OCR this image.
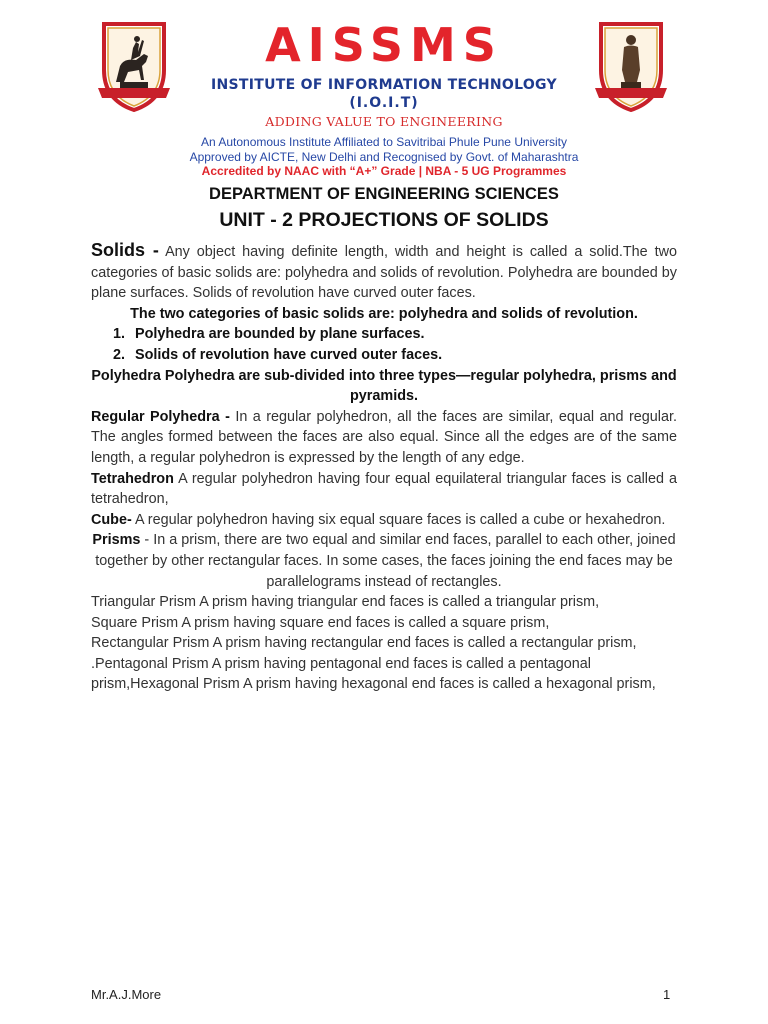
AISSMS
INSTITUTE OF INFORMATION TECHNOLOGY
(I.O.I.T)
ADDING VALUE TO ENGINEERING
An Autonomous Institute Affiliated to Savitribai Phule Pune University
Approved by AICTE, New Delhi and Recognised by Govt. of Maharashtra
Accredited by NAAC with “A+” Grade | NBA - 5 UG Programmes
DEPARTMENT OF ENGINEERING SCIENCES
UNIT - 2 PROJECTIONS OF SOLIDS

Solids - Any object having definite length, width and height is called a solid.The two categories of basic solids are: polyhedra and solids of revolution. Polyhedra are bounded by plane surfaces. Solids of revolution have curved outer faces.

The two categories of basic solids are: polyhedra and solids of revolution.

1. Polyhedra are bounded by plane surfaces.
2. Solids of revolution have curved outer faces.

Polyhedra Polyhedra are sub-divided into three types—regular polyhedra, prisms and pyramids.

Regular Polyhedra - In a regular polyhedron, all the faces are similar, equal and regular. The angles formed between the faces are also equal. Since all the edges are of the same length, a regular polyhedron is expressed by the length of any edge.

Tetrahedron A regular polyhedron having four equal equilateral triangular faces is called a tetrahedron,

Cube- A regular polyhedron having six equal square faces is called a cube or hexahedron.

Prisms - In a prism, there are two equal and similar end faces, parallel to each other, joined together by other rectangular faces. In some cases, the faces joining the end faces may be parallelograms instead of rectangles.

Triangular Prism A prism having triangular end faces is called a triangular prism,

Square Prism A prism having square end faces is called a square prism,

Rectangular Prism A prism having rectangular end faces is called a rectangular prism, .Pentagonal Prism A prism having pentagonal end faces is called a pentagonal prism,Hexagonal Prism A prism having hexagonal end faces is called a hexagonal prism,

Mr.A.J.More	1
